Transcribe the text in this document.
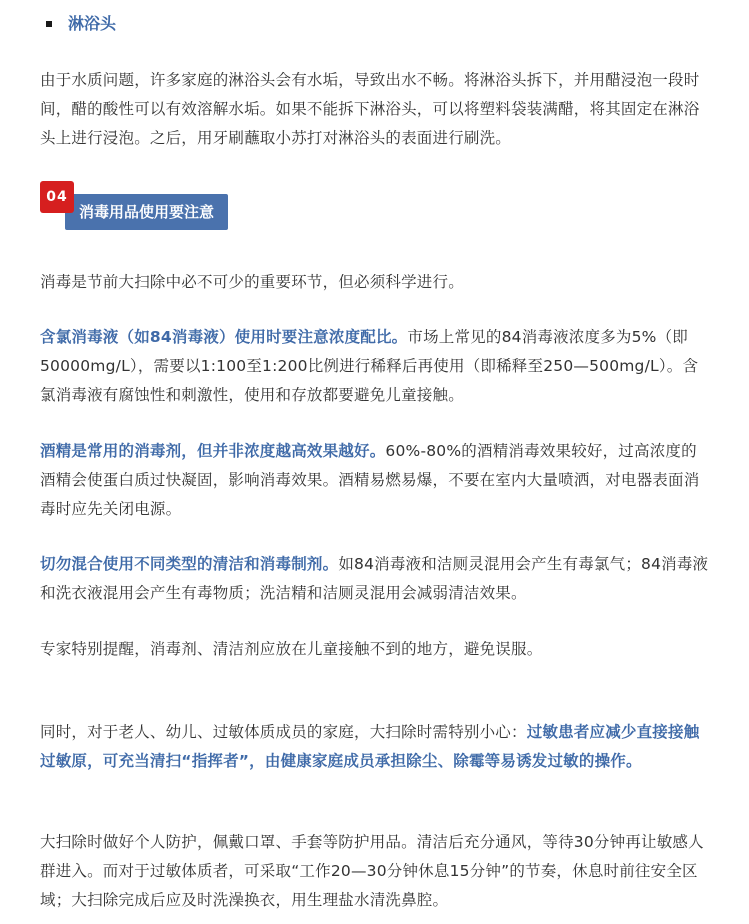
淋浴头

由于水质问题，许多家庭的淋浴头会有水垢，导致出水不畅。将淋浴头拆下，并用醋浸泡一段时间，醋的酸性可以有效溶解水垢。如果不能拆下淋浴头，可以将塑料袋装满醋，将其固定在淋浴头上进行浸泡。之后，用牙刷蘸取小苏打对淋浴头的表面进行刷洗。

04
消毒用品使用要注意

消毒是节前大扫除中必不可少的重要环节，但必须科学进行。

含氯消毒液（如84消毒液）使用时要注意浓度配比。市场上常见的84消毒液浓度多为5%（即50000mg/L），需要以1:100至1:200比例进行稀释后再使用（即稀释至250—500mg/L）。含氯消毒液有腐蚀性和刺激性，使用和存放都要避免儿童接触。

酒精是常用的消毒剂，但并非浓度越高效果越好。60%-80%的酒精消毒效果较好，过高浓度的酒精会使蛋白质过快凝固，影响消毒效果。酒精易燃易爆，不要在室内大量喷洒，对电器表面消毒时应先关闭电源。

切勿混合使用不同类型的清洁和消毒制剂。如84消毒液和洁厕灵混用会产生有毒氯气；84消毒液和洗衣液混用会产生有毒物质；洗洁精和洁厕灵混用会减弱清洁效果。

专家特别提醒，消毒剂、清洁剂应放在儿童接触不到的地方，避免误服。

同时，对于老人、幼儿、过敏体质成员的家庭，大扫除时需特别小心：过敏患者应减少直接接触过敏原，可充当清扫“指挥者”，由健康家庭成员承担除尘、除霉等易诱发过敏的操作。

大扫除时做好个人防护，佩戴口罩、手套等防护用品。清洁后充分通风，等待30分钟再让敏感人群进入。而对于过敏体质者，可采取“工作20—30分钟休息15分钟”的节奏，休息时前往安全区域；大扫除完成后应及时洗澡换衣，用生理盐水清洗鼻腔。
